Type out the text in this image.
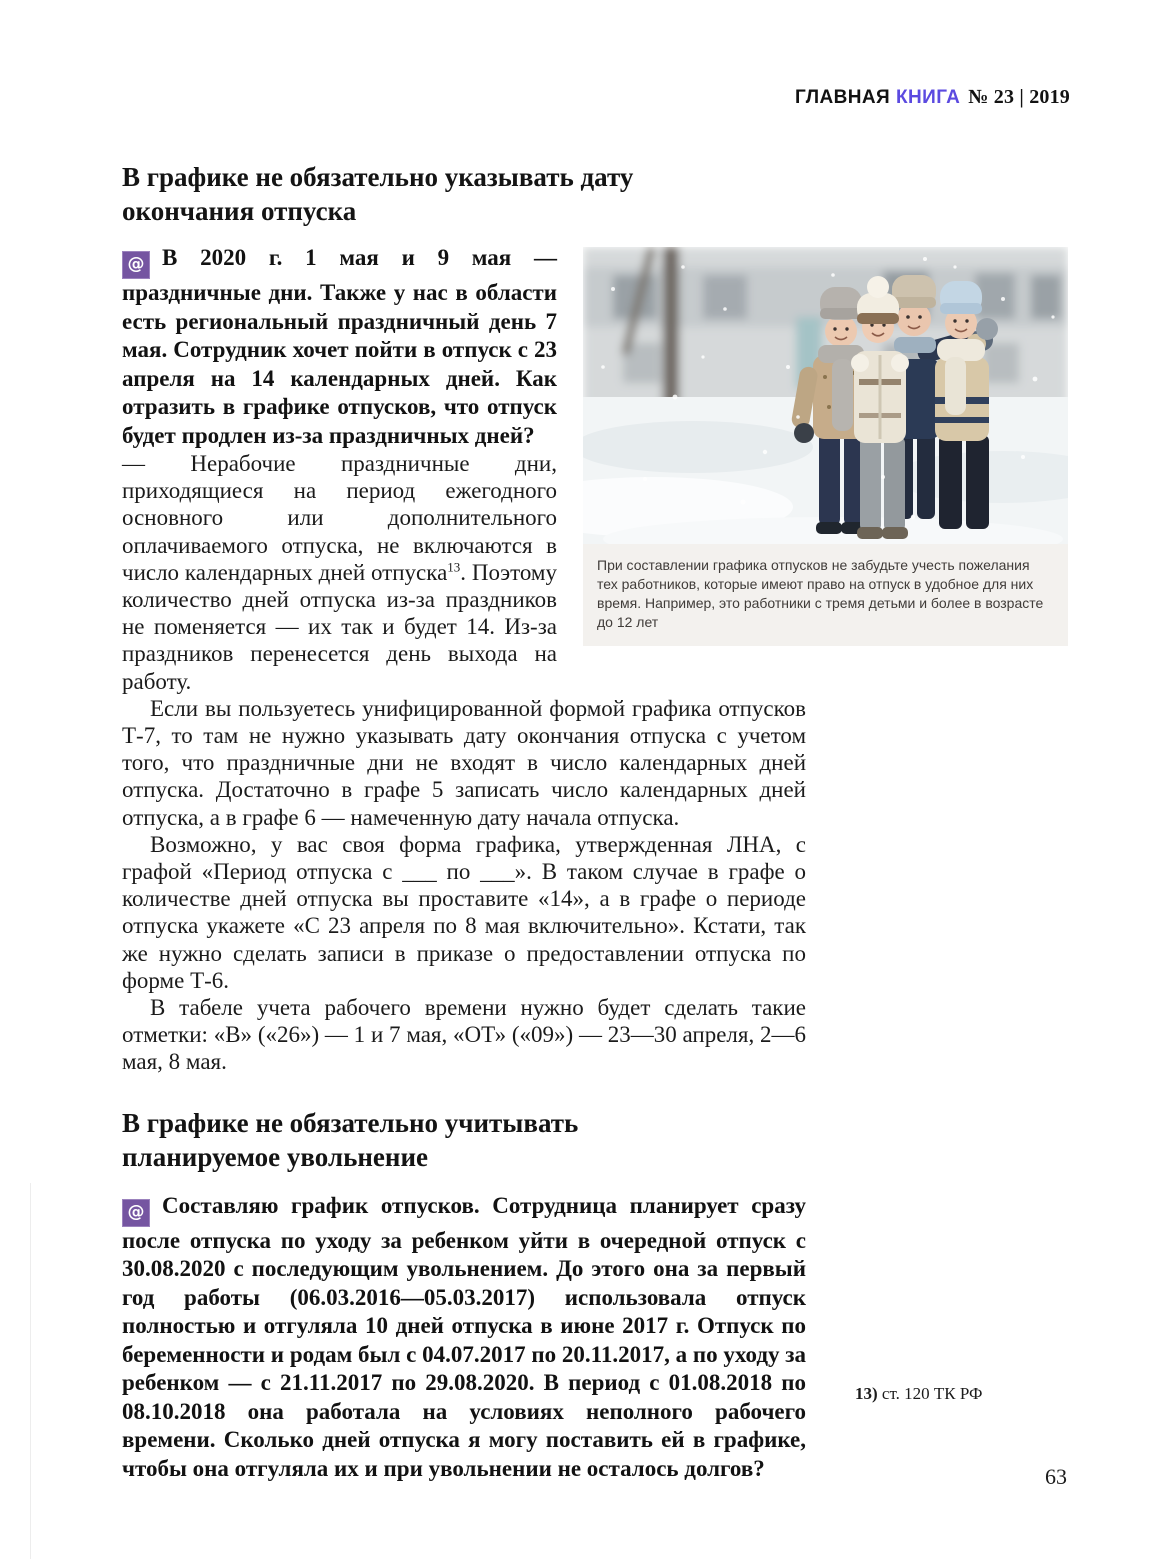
ГЛАВНАЯ КНИГА № 23 | 2019
При составлении графика отпусков не забудьте учесть пожелания тех работников, которые имеют право на отпуск в удобное для них время. Например, это работники с тремя детьми и более в возрасте до 12 лет
В графике не обязательно указывать дату
окончания отпуска

@ В 2020 г. 1 мая и 9 мая — праздничные дни. Также у нас в области есть региональный праздничный день 7 мая. Сотрудник хочет пойти в отпуск с 23 апреля на 14 календарных дней. Как отразить в графике отпусков, что отпуск будет продлен из-за праздничных дней?

— Нерабочие праздничные дни, приходящиеся на период ежегодного основного или дополнительного оплачиваемого отпуска, не включаются в число календарных дней отпуска$^{13}$. Поэтому количество дней отпуска из-за праздников не поменяется — их так и будет 14. Из-за праздников перенесется день выхода на работу.

Если вы пользуетесь унифицированной формой графика отпусков Т-7, то там не нужно указывать дату окончания отпуска с учетом того, что праздничные дни не входят в число календарных дней отпуска. Достаточно в графе 5 записать число календарных дней отпуска, а в графе 6 — намеченную дату начала отпуска.

Возможно, у вас своя форма графика, утвержденная ЛНА, с графой «Период отпуска с ___ по ___». В таком случае в графе о количестве дней отпуска вы проставите «14», а в графе о периоде отпуска укажете «С 23 апреля по 8 мая включительно». Кстати, так же нужно сделать записи в приказе о предоставлении отпуска по форме Т-6.

В табеле учета рабочего времени нужно будет сделать такие отметки: «В» («26») — 1 и 7 мая, «ОТ» («09») — 23—30 апреля, 2—6 мая, 8 мая.

В графике не обязательно учитывать
планируемое увольнение

@ Составляю график отпусков. Сотрудница планирует сразу после отпуска по уходу за ребенком уйти в очередной отпуск с 30.08.2020 с последующим увольнением. До этого она за первый год работы (06.03.2016—05.03.2017) использовала отпуск полностью и отгуляла 10 дней отпуска в июне 2017 г. Отпуск по беременности и родам был с 04.07.2017 по 20.11.2017, а по уходу за ребенком — с 21.11.2017 по 29.08.2020. В период с 01.08.2018 по 08.10.2018 она работала на условиях неполного рабочего времени. Сколько дней отпуска я могу поставить ей в графике, чтобы она отгуляла их и при увольнении не осталось долгов?

13) ст. 120 ТК РФ
63
